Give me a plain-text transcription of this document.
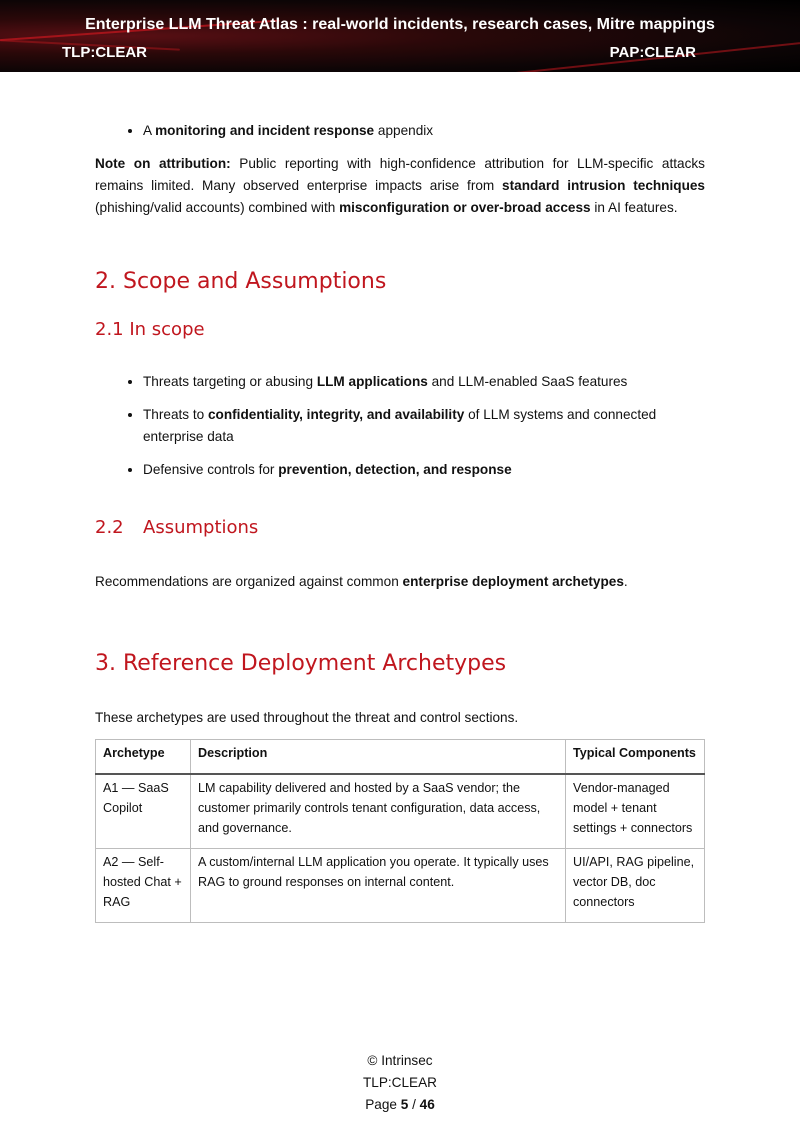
Enterprise LLM Threat Atlas : real-world incidents, research cases, Mitre mappings
TLP:CLEAR	PAP:CLEAR
• A monitoring and incident response appendix

Note on attribution: Public reporting with high-confidence attribution for LLM-specific attacks remains limited. Many observed enterprise impacts arise from standard intrusion techniques (phishing/valid accounts) combined with misconfiguration or over-broad access in AI features.

2. Scope and Assumptions
2.1 In scope
• Threats targeting or abusing LLM applications and LLM-enabled SaaS features
• Threats to confidentiality, integrity, and availability of LLM systems and connected enterprise data
• Defensive controls for prevention, detection, and response
2.2 Assumptions

Recommendations are organized against common enterprise deployment archetypes.

3. Reference Deployment Archetypes

These archetypes are used throughout the threat and control sections.

Archetype	Description	Typical Components
A1 — SaaS Copilot	LM capability delivered and hosted by a SaaS vendor; the customer primarily controls tenant configuration, data access, and governance.	Vendor-managed model + tenant settings + connectors
A2 — Self-hosted Chat + RAG	A custom/internal LLM application you operate. It typically uses RAG to ground responses on internal content.	UI/API, RAG pipeline, vector DB, doc connectors
© Intrinsec
TLP:CLEAR
Page 5 / 46
